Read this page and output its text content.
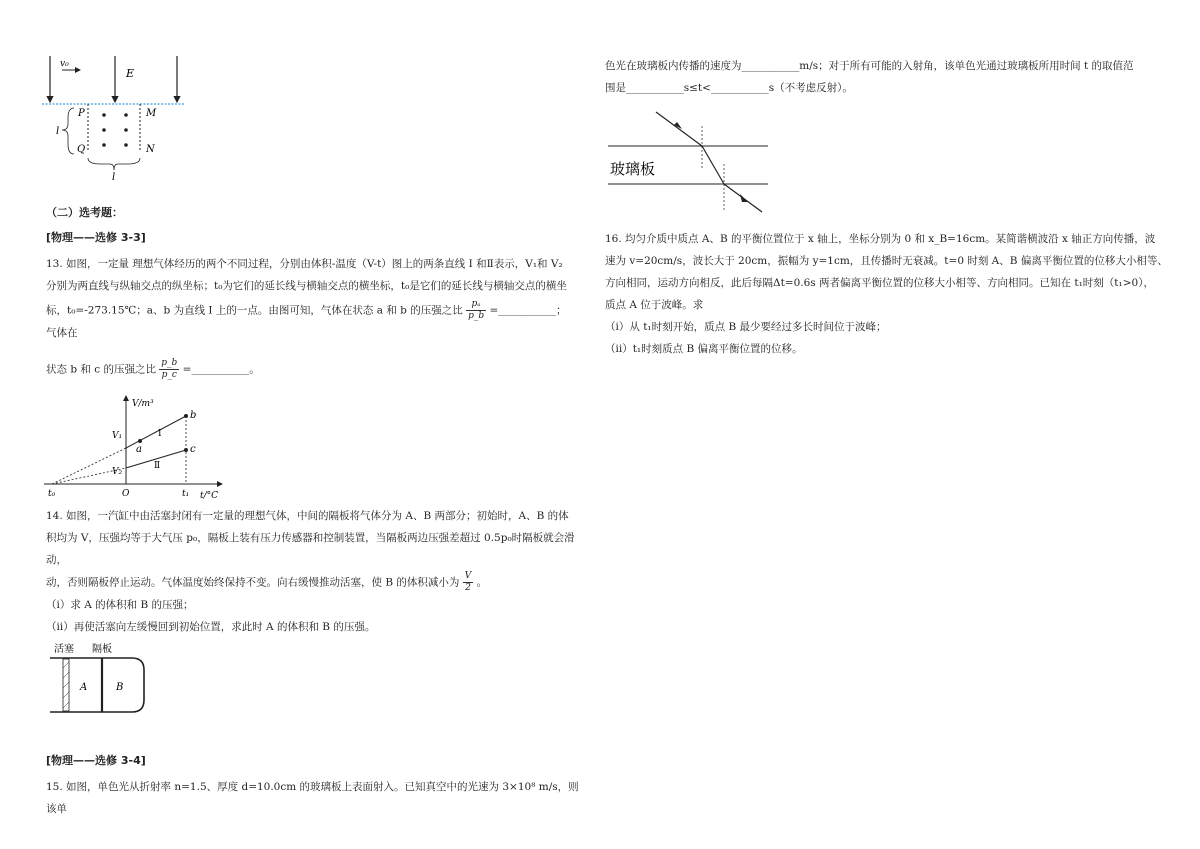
v₀
E
P	M
Q	N
l
l
（二）选考题：
[物理——选修 3-3]
13. 如图，一定量 理想气体经历的两个不同过程，分别由体积-温度（V-t）图上的两条直线 I 和Ⅱ表示，V₁和 V₂
分别为两直线与纵轴交点的纵坐标；t₀为它们的延长线与横轴交点的横坐标，t₀是它们的延长线与横轴交点的横坐
标，t₀=-273.15℃；a、b 为直线 I 上的一点。由图可知，气体在状态 a 和 b 的压强之比 $\frac{\text{pₐ}}{p\_b}$ =___________；气体在
状态 b 和 c 的压强之比 $\frac{p\_b}{p\_c}$ =___________。
V/m³
t/°C
V₁
V₂
a
b
c
I
Ⅱ
O
t₀	t₁
14. 如图，一汽缸中由活塞封闭有一定量的理想气体，中间的隔板将气体分为 A、B 两部分；初始时，A、B 的体
积均为 V，压强均等于大气压 p₀，隔板上装有压力传感器和控制装置，当隔板两边压强差超过 0.5p₀时隔板就会滑动，
动，否则隔板停止运动。气体温度始终保持不变。向右缓慢推动活塞，使 B 的体积减小为 $\frac{V}{2}$ 。
（i）求 A 的体积和 B 的压强；
（ⅱ）再使活塞向左缓慢回到初始位置，求此时 A 的体积和 B 的压强。
活塞 隔板
A	B
[物理——选修 3-4]
15. 如图，单色光从折射率 n=1.5、厚度 d=10.0cm 的玻璃板上表面射入。已知真空中的光速为 3×10⁸ m/s，则该单
色光在玻璃板内传播的速度为___________m/s；对于所有可能的入射角，该单色光通过玻璃板所用时间 t 的取值范
围是___________s≤t<___________s（不考虑反射）。
玻璃板
16. 均匀介质中质点 A、B 的平衡位置位于 x 轴上，坐标分别为 0 和 x_B=16cm。某简谐横波沿 x 轴正方向传播，波
速为 v=20cm/s，波长大于 20cm，振幅为 y=1cm，且传播时无衰减。t=0 时刻 A、B 偏离平衡位置的位移大小相等、
方向相同，运动方向相反，此后每隔Δt=0.6s 两者偏离平衡位置的位移大小相等、方向相同。已知在 t₁时刻（t₁>0），
质点 A 位于波峰。求
（i）从 t₁时刻开始，质点 B 最少要经过多长时间位于波峰；
（ii）t₁时刻质点 B 偏离平衡位置的位移。
